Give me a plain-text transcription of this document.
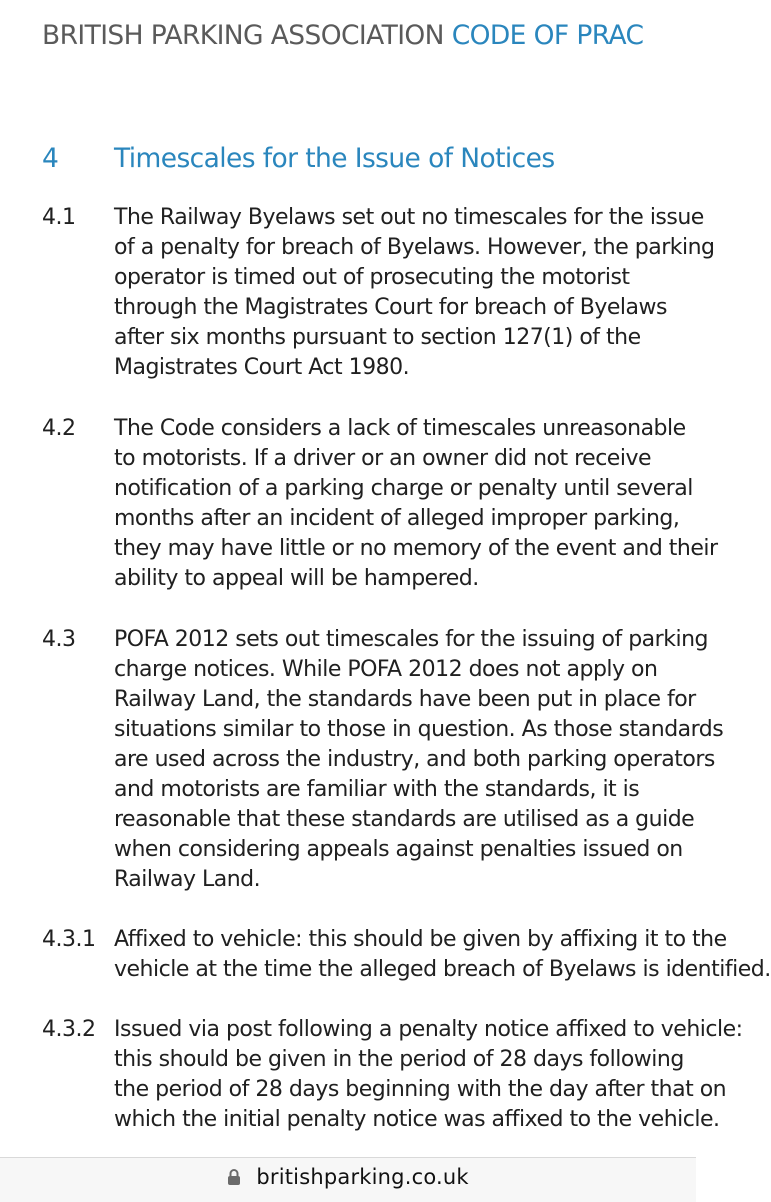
BRITISH PARKING ASSOCIATION CODE OF PRAC
4 Timescales for the Issue of Notices
4.1	The Railway Byelaws set out no timescales for the issue
of a penalty for breach of Byelaws. However, the parking
operator is timed out of prosecuting the motorist
through the Magistrates Court for breach of Byelaws
after six months pursuant to section 127(1) of the
Magistrates Court Act 1980.
4.2	The Code considers a lack of timescales unreasonable
to motorists. If a driver or an owner did not receive
notification of a parking charge or penalty until several
months after an incident of alleged improper parking,
they may have little or no memory of the event and their
ability to appeal will be hampered.
4.3	POFA 2012 sets out timescales for the issuing of parking
charge notices. While POFA 2012 does not apply on
Railway Land, the standards have been put in place for
situations similar to those in question. As those standards
are used across the industry, and both parking operators
and motorists are familiar with the standards, it is
reasonable that these standards are utilised as a guide
when considering appeals against penalties issued on
Railway Land.
4.3.1 Affixed to vehicle: this should be given by affixing it to the
vehicle at the time the alleged breach of Byelaws is identified.
4.3.2 Issued via post following a penalty notice affixed to vehicle:
this should be given in the period of 28 days following
the period of 28 days beginning with the day after that on
which the initial penalty notice was affixed to the vehicle.
britishparking.co.uk
